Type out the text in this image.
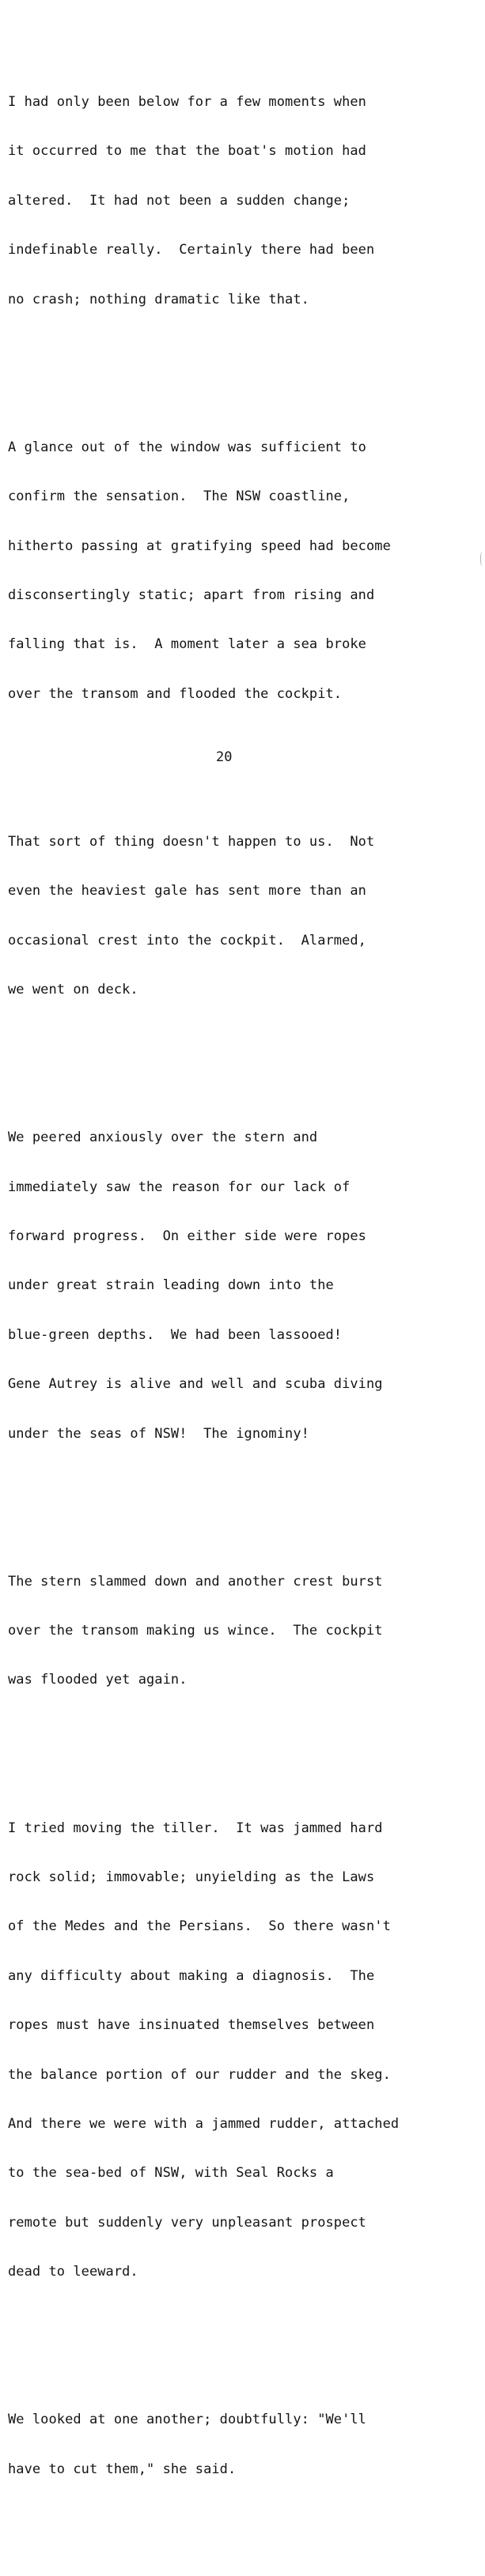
I had only been below for a few moments when

it occurred to me that the boat's motion had

altered.  It had not been a sudden change;

indefinable really.  Certainly there had been

no crash; nothing dramatic like that.

A glance out of the window was sufficient to

confirm the sensation.  The NSW coastline,

hitherto passing at gratifying speed had become

disconsertingly static; apart from rising and

falling that is.  A moment later a sea broke

over the transom and flooded the cockpit.

That sort of thing doesn't happen to us.  Not

even the heaviest gale has sent more than an

occasional crest into the cockpit.  Alarmed,

we went on deck.

We peered anxiously over the stern and

immediately saw the reason for our lack of

forward progress.  On either side were ropes

under great strain leading down into the

blue-green depths.  We had been lassooed!

Gene Autrey is alive and well and scuba diving

under the seas of NSW!  The ignominy!

The stern slammed down and another crest burst

over the transom making us wince.  The cockpit

was flooded yet again.

I tried moving the tiller.  It was jammed hard

rock solid; immovable; unyielding as the Laws

of the Medes and the Persians.  So there wasn't

any difficulty about making a diagnosis.  The

ropes must have insinuated themselves between

the balance portion of our rudder and the skeg.

And there we were with a jammed rudder, attached

to the sea-bed of NSW, with Seal Rocks a

remote but suddenly very unpleasant prospect

dead to leeward.

We looked at one another; doubtfully: "We'll

have to cut them," she said.

20
